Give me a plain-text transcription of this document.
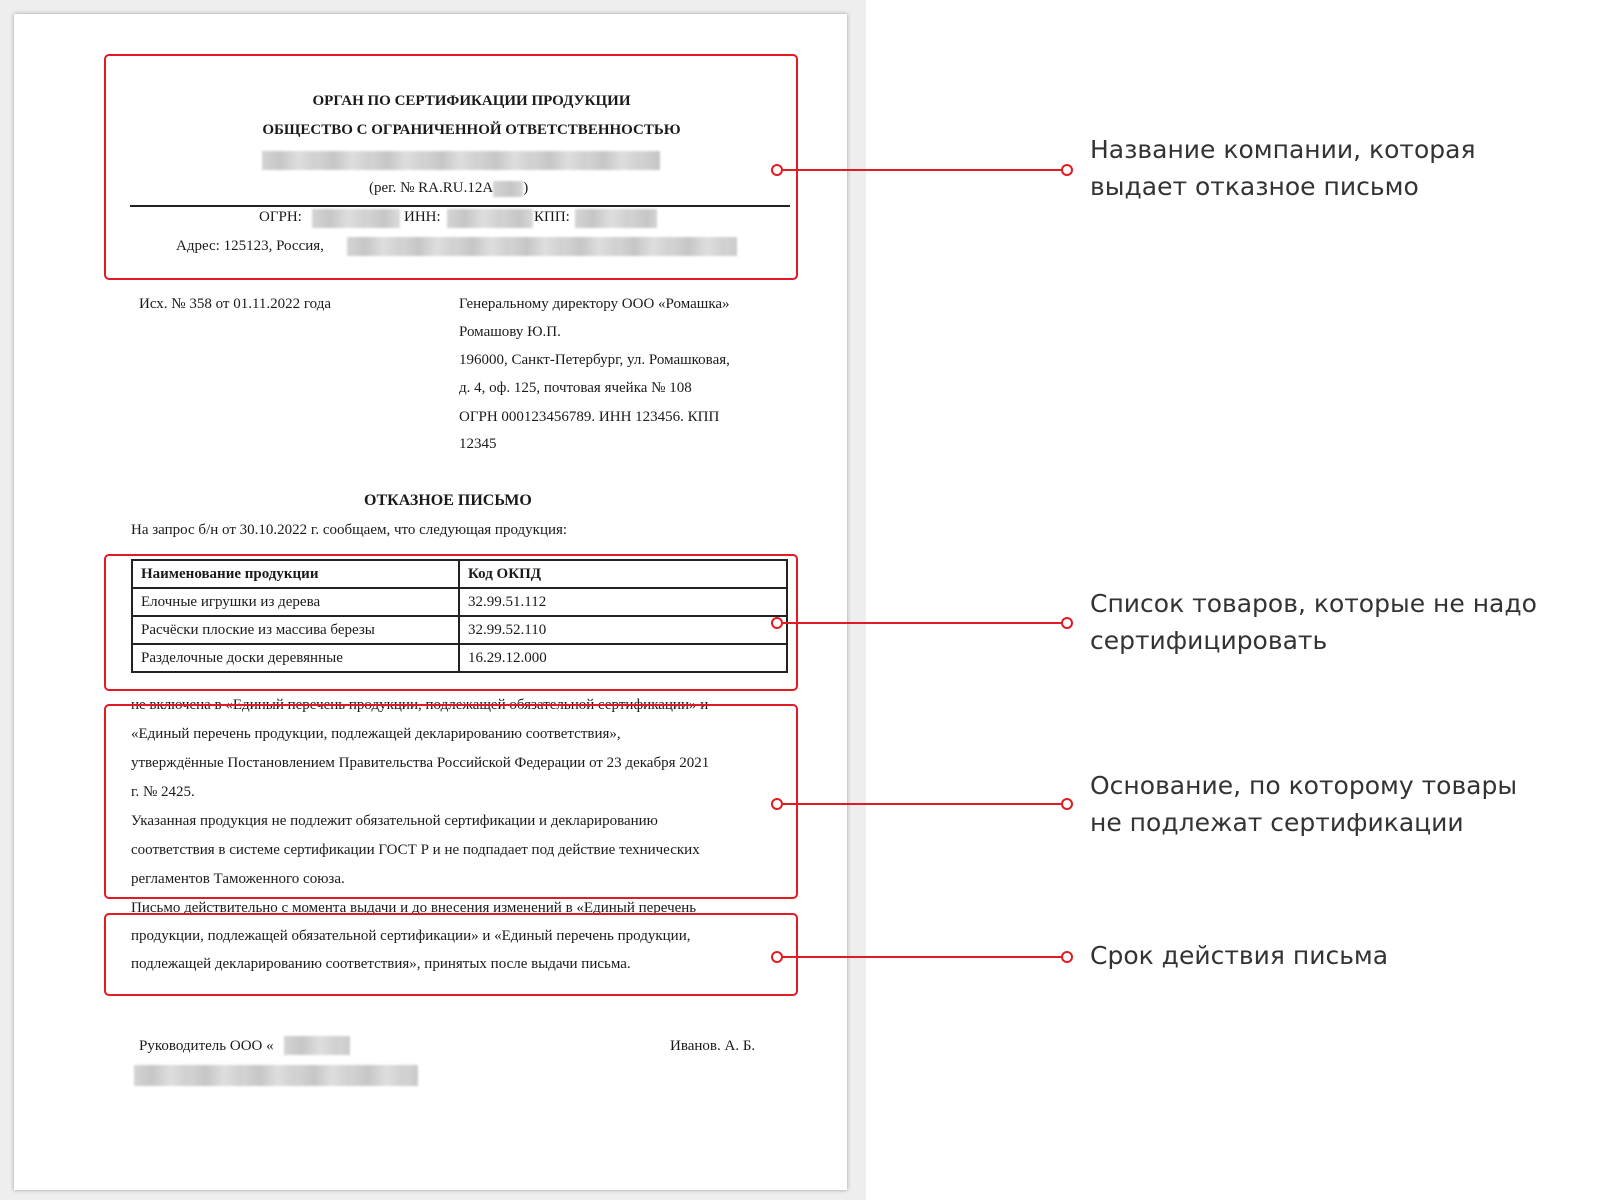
ОРГАН ПО СЕРТИФИКАЦИИ ПРОДУКЦИИ
ОБЩЕСТВО С ОГРАНИЧЕННОЙ ОТВЕТСТВЕННОСТЬЮ
(рег. № RA.RU.12A )
ОГРН:	ИНН:	КПП:
Адрес: 125123, Россия,
Исх. № 358 от 01.11.2022 года	Генеральному директору ООО «Ромашка»
Ромашову Ю.П.
196000, Санкт-Петербург, ул. Ромашковая,
д. 4, оф. 125, почтовая ячейка № 108
ОГРН 000123456789. ИНН 123456. КПП
12345
ОТКАЗНОЕ ПИСЬМО
На запрос б/н от 30.10.2022 г. сообщаем, что следующая продукция:
Наименование продукции	Код ОКПД
Елочные игрушки из дерева	32.99.51.112
Расчёски плоские из массива березы	32.99.52.110
Разделочные доски деревянные	16.29.12.000
не включена в «Единый перечень продукции, подлежащей обязательной сертификации» и
«Единый перечень продукции, подлежащей декларированию соответствия»,
утверждённые Постановлением Правительства Российской Федерации от 23 декабря 2021
г. № 2425.
Указанная продукция не подлежит обязательной сертификации и декларированию
соответствия в системе сертификации ГОСТ Р и не подпадает под действие технических
регламентов Таможенного союза.
Письмо действительно с момента выдачи и до внесения изменений в «Единый перечень
продукции, подлежащей обязательной сертификации» и «Единый перечень продукции,
подлежащей декларированию соответствия», принятых после выдачи письма.
Руководитель ООО «	Иванов. А. Б.
Название компании, которая
выдает отказное письмо
Список товаров, которые не надо
сертифицировать
Основание, по которому товары
не подлежат сертификации
Срок действия письма
